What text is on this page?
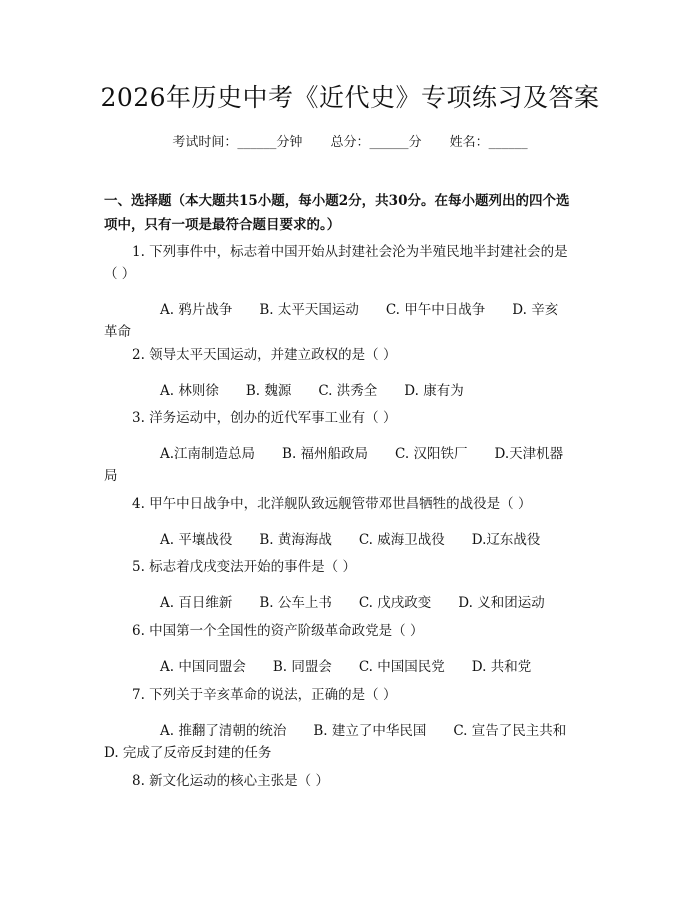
2026年历史中考《近代史》专项练习及答案
考试时间：______分钟 总分：______分 姓名：______
一、选择题（本大题共15小题，每小题2分，共30分。在每小题列出的四个选
项中，只有一项是最符合题目要求的。）
1. 下列事件中，标志着中国开始从封建社会沦为半殖民地半封建社会的是
（ ）
A. 鸦片战争　　B. 太平天国运动　　C. 甲午中日战争　　D. 辛亥
革命
2. 领导太平天国运动，并建立政权的是（ ）
A. 林则徐　　B. 魏源　　C. 洪秀全　　D. 康有为
3. 洋务运动中，创办的近代军事工业有（ ）
A.江南制造总局　　B. 福州船政局　　C. 汉阳铁厂　　D.天津机器
局
4. 甲午中日战争中，北洋舰队致远舰管带邓世昌牺牲的战役是（ ）
A. 平壤战役　　B. 黄海海战　　C. 威海卫战役　　D.辽东战役
5. 标志着戊戌变法开始的事件是（ ）
A. 百日维新　　B. 公车上书　　C. 戊戌政变　　D. 义和团运动
6. 中国第一个全国性的资产阶级革命政党是（ ）
A. 中国同盟会　　B. 同盟会　　C. 中国国民党　　D. 共和党
7. 下列关于辛亥革命的说法，正确的是（ ）
A. 推翻了清朝的统治　　B. 建立了中华民国　　C. 宣告了民主共和
D. 完成了反帝反封建的任务
8. 新文化运动的核心主张是（ ）
